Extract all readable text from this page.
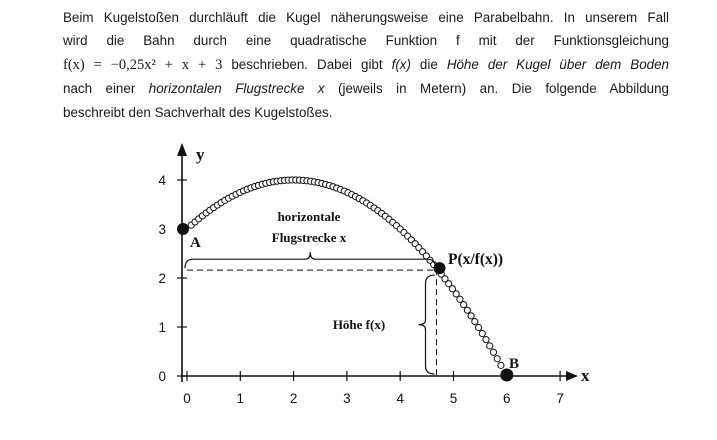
Beim Kugelstoßen durchläuft die Kugel näherungsweise eine Parabelbahn. In unserem Fall
wird die Bahn durch eine quadratische Funktion f mit der Funktionsgleichung
f(x) = −0,25x² + x + 3 beschrieben. Dabei gibt f(x) die Höhe der Kugel über dem Boden
nach einer horizontalen Flugstrecke x (jeweils in Metern) an. Die folgende Abbildung
beschreibt den Sachverhalt des Kugelstoßes.
y
x
0	1	2	3	4	5	6	7
0
1
2
3
4
A
B
P(x/f(x))
horizontale
Flugstrecke x
Höhe f(x)
